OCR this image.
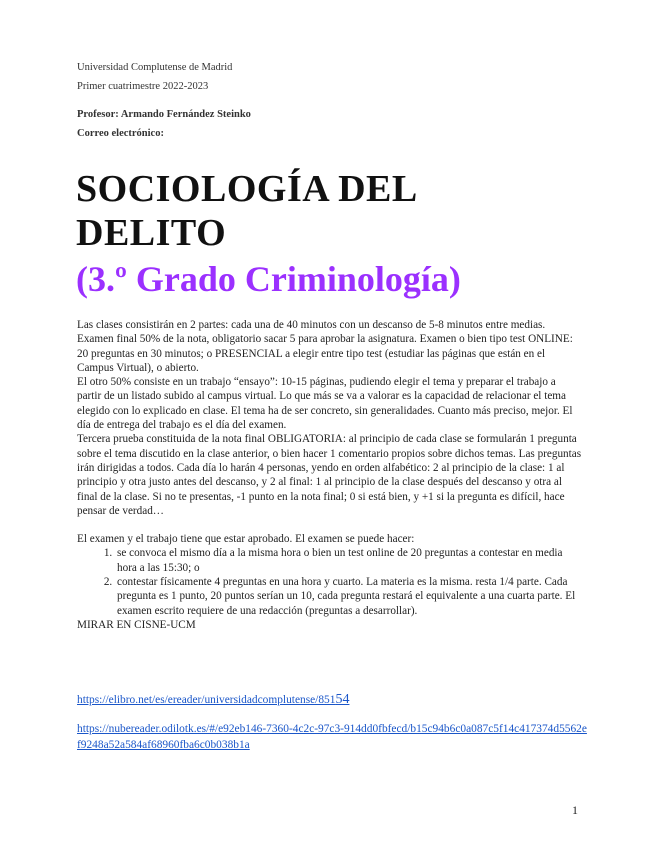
Universidad Complutense de Madrid
Primer cuatrimestre 2022-2023
Profesor: Armando Fernández Steinko
Correo electrónico:
SOCIOLOGÍA DEL
DELITO
(3.º Grado Criminología)

Las clases consistirán en 2 partes: cada una de 40 minutos con un descanso de 5-8 minutos entre medias.

Examen final 50% de la nota, obligatorio sacar 5 para aprobar la asignatura. Examen o bien tipo test ONLINE: 20 preguntas en 30 minutos; o PRESENCIAL a elegir entre tipo test (estudiar las páginas que están en el Campus Virtual), o abierto.

El otro 50% consiste en un trabajo “ensayo”: 10-15 páginas, pudiendo elegir el tema y preparar el trabajo a partir de un listado subido al campus virtual. Lo que más se va a valorar es la capacidad de relacionar el tema elegido con lo explicado en clase. El tema ha de ser concreto, sin generalidades. Cuanto más preciso, mejor. El día de entrega del trabajo es el día del examen.

Tercera prueba constituida de la nota final OBLIGATORIA: al principio de cada clase se formularán 1 pregunta sobre el tema discutido en la clase anterior, o bien hacer 1 comentario propios sobre dichos temas. Las preguntas irán dirigidas a todos. Cada día lo harán 4 personas, yendo en orden alfabético: 2 al principio de la clase: 1 al principio y otra justo antes del descanso, y 2 al final: 1 al principio de la clase después del descanso y otra al final de la clase. Si no te presentas, -1 punto en la nota final; 0 si está bien, y +1 si la pregunta es difícil, hace pensar de verdad…

El examen y el trabajo tiene que estar aprobado. El examen se puede hacer:

1. se convoca el mismo día a la misma hora o bien un test online de 20 preguntas a contestar en media hora a las 15:30; o
2. contestar físicamente 4 preguntas en una hora y cuarto. La materia es la misma. resta 1/4 parte. Cada pregunta es 1 punto, 20 puntos serían un 10, cada pregunta restará el equivalente a una cuarta parte. El examen escrito requiere de una redacción (preguntas a desarrollar).

MIRAR EN CISNE-UCM

https://elibro.net/es/ereader/universidadcomplutense/85154
https://nubereader.odilotk.es/#/e92eb146-7360-4c2c-97c3-914dd0fbfecd/b15c94b6c0a087c5f14c417374d5562ef9248a52a584af68960fba6c0b038b1a
1
